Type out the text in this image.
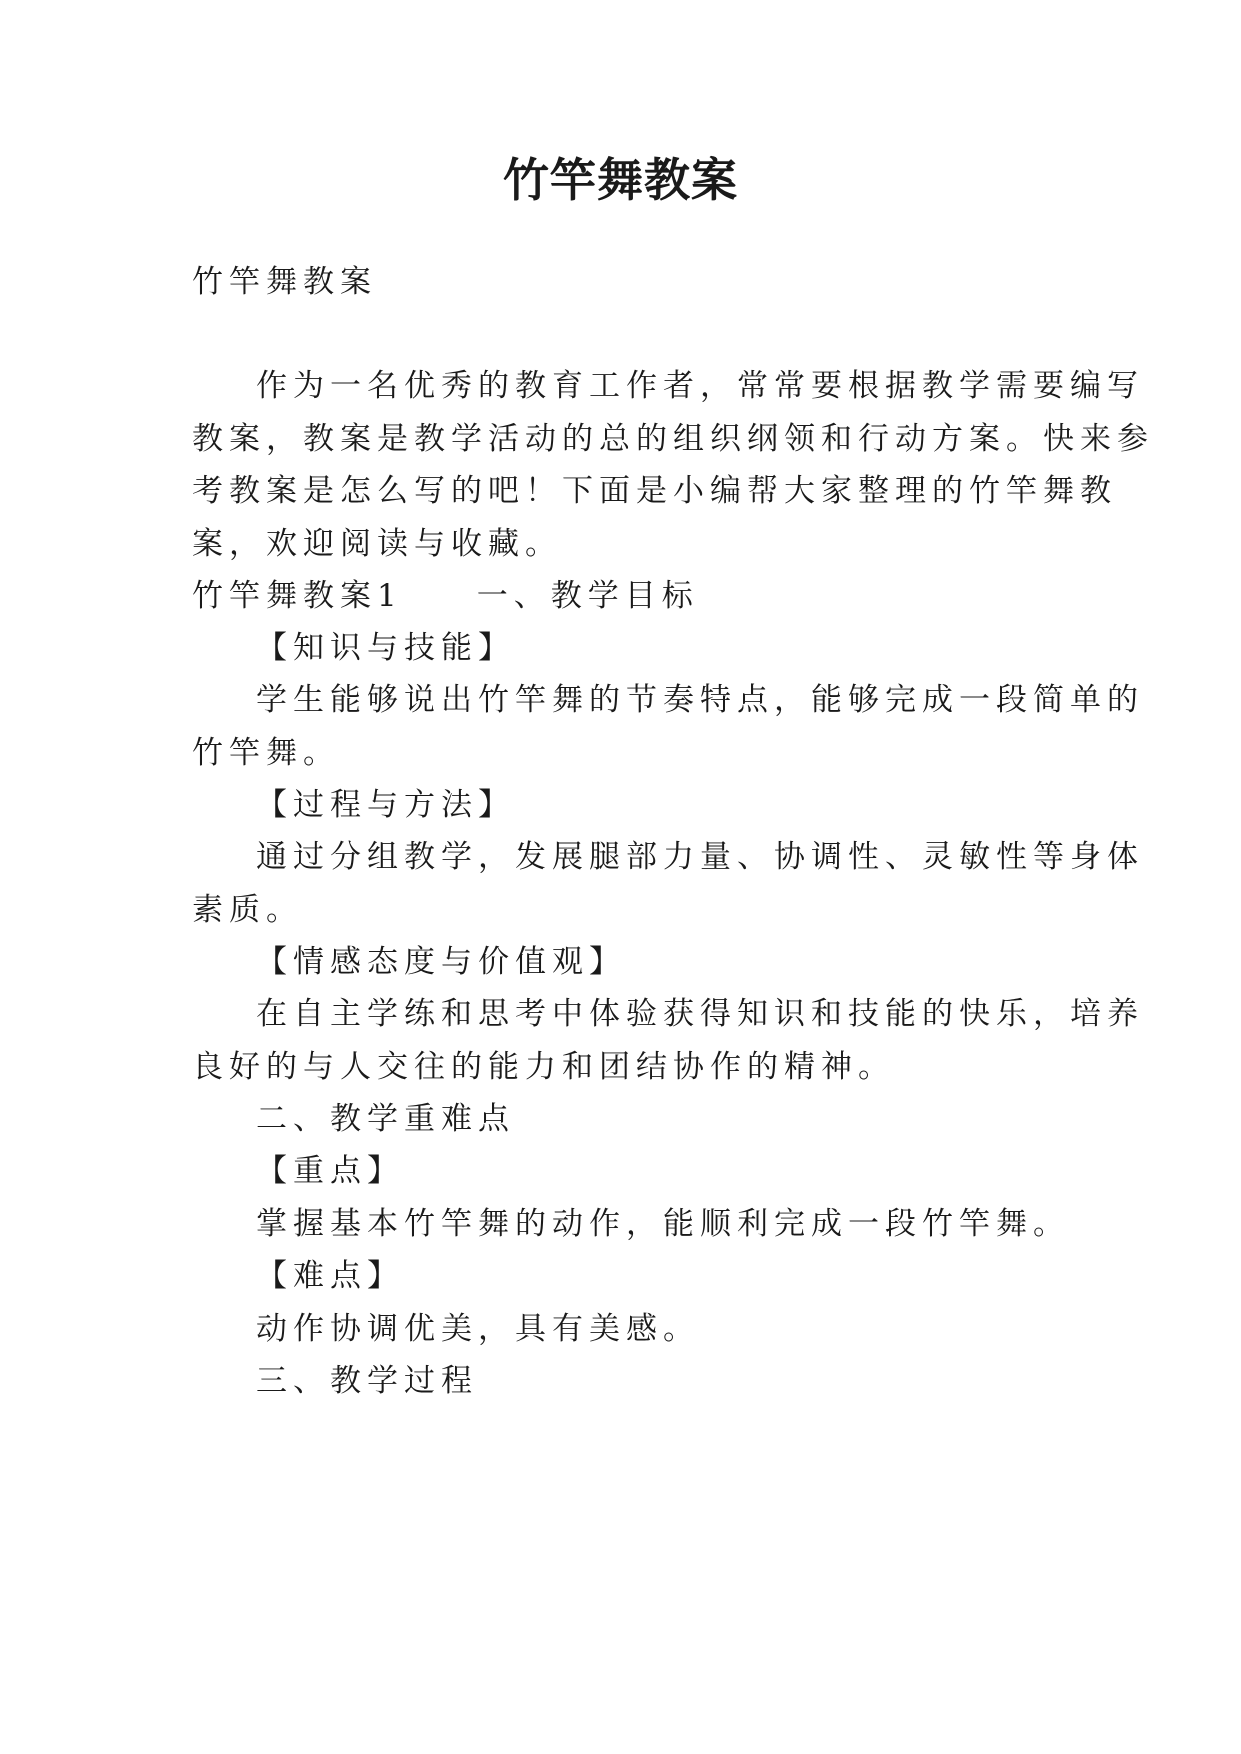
竹竿舞教案
竹竿舞教案
作为一名优秀的教育工作者，常常要根据教学需要编写
教案，教案是教学活动的总的组织纲领和行动方案。快来参
考教案是怎么写的吧！下面是小编帮大家整理的竹竿舞教
案，欢迎阅读与收藏。
竹竿舞教案1　　一、教学目标
【知识与技能】
学生能够说出竹竿舞的节奏特点，能够完成一段简单的
竹竿舞。
【过程与方法】
通过分组教学，发展腿部力量、协调性、灵敏性等身体
素质。
【情感态度与价值观】
在自主学练和思考中体验获得知识和技能的快乐，培养
良好的与人交往的能力和团结协作的精神。
二、教学重难点
【重点】
掌握基本竹竿舞的动作，能顺利完成一段竹竿舞。
【难点】
动作协调优美，具有美感。
三、教学过程
